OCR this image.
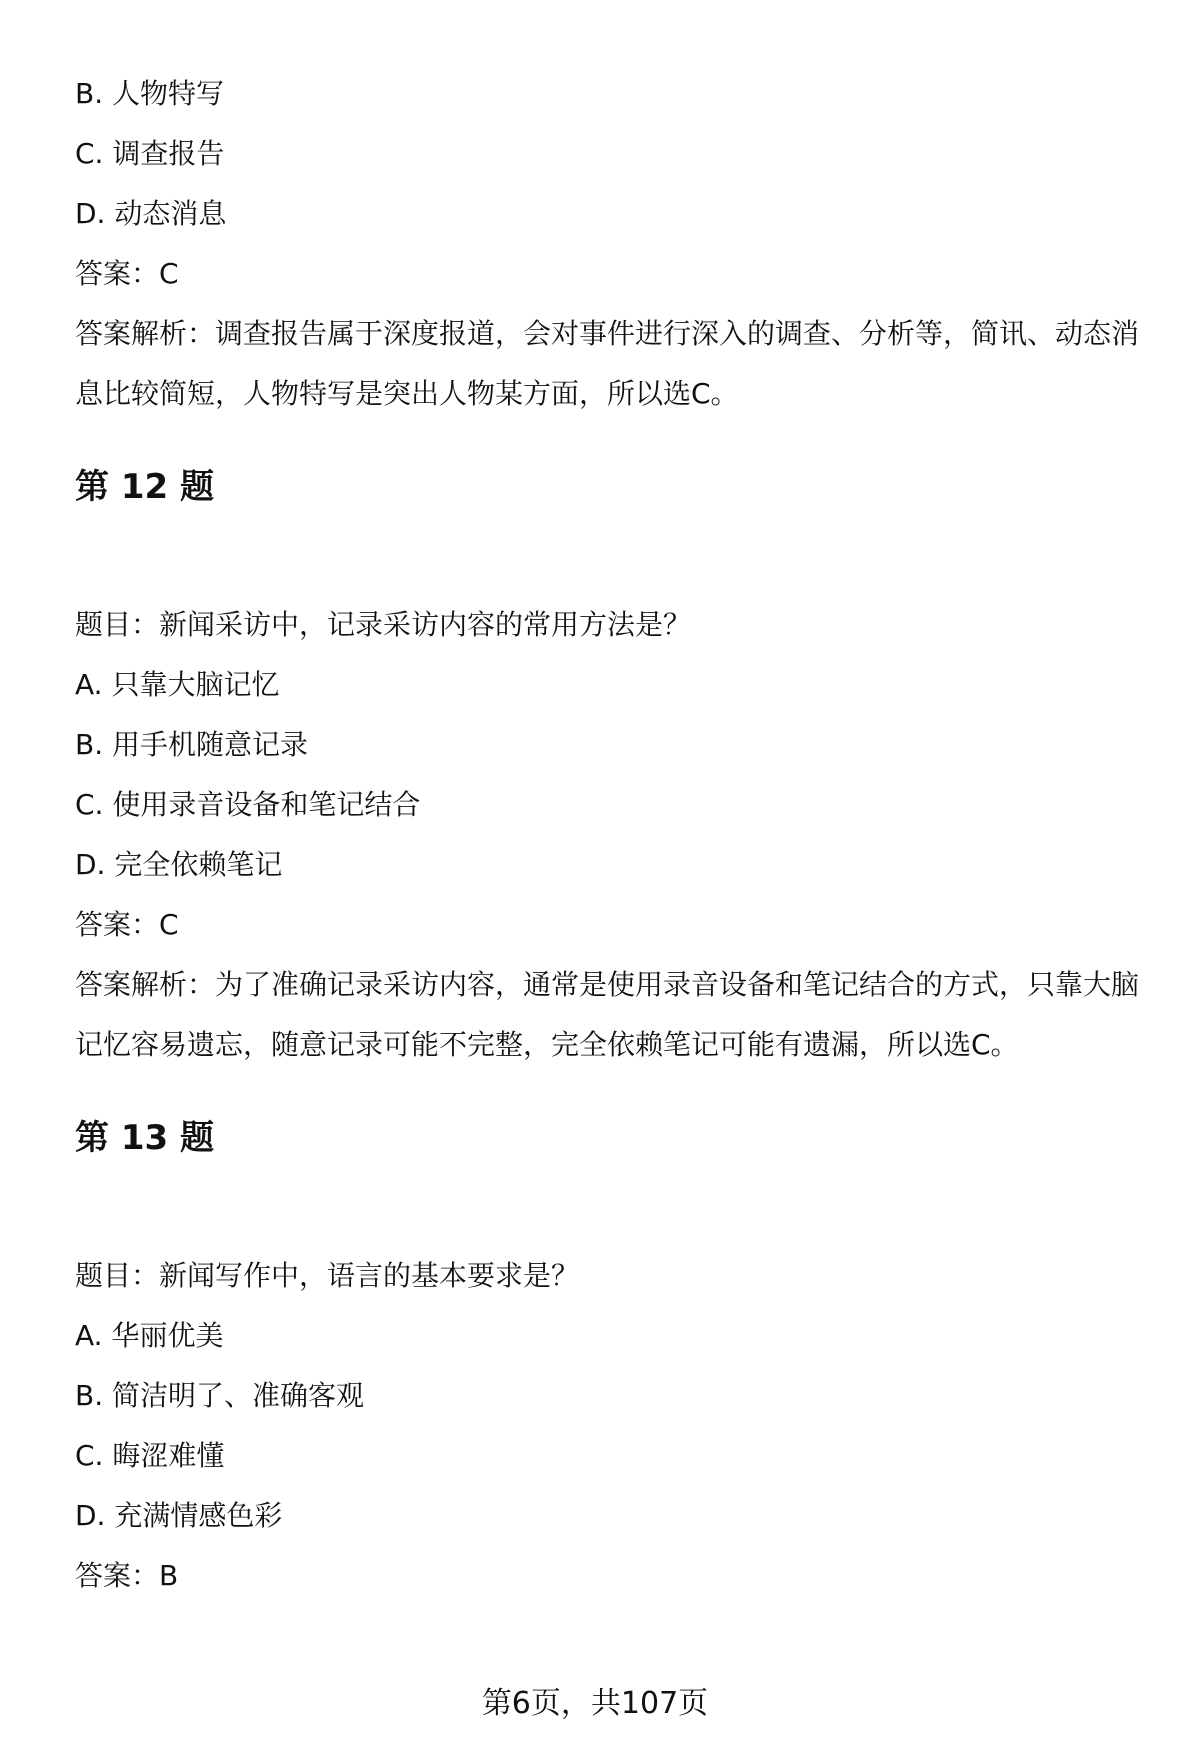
B. 人物特写
C. 调查报告
D. 动态消息
答案：C
答案解析：调查报告属于深度报道，会对事件进行深入的调查、分析等，简讯、动态消息比较简短，人物特写是突出人物某方面，所以选C。
第 12 题
题目：新闻采访中，记录采访内容的常用方法是？
A. 只靠大脑记忆
B. 用手机随意记录
C. 使用录音设备和笔记结合
D. 完全依赖笔记
答案：C
答案解析：为了准确记录采访内容，通常是使用录音设备和笔记结合的方式，只靠大脑记忆容易遗忘，随意记录可能不完整，完全依赖笔记可能有遗漏，所以选C。
第 13 题
题目：新闻写作中，语言的基本要求是？
A. 华丽优美
B. 简洁明了、准确客观
C. 晦涩难懂
D. 充满情感色彩
答案：B
第6页，共107页
